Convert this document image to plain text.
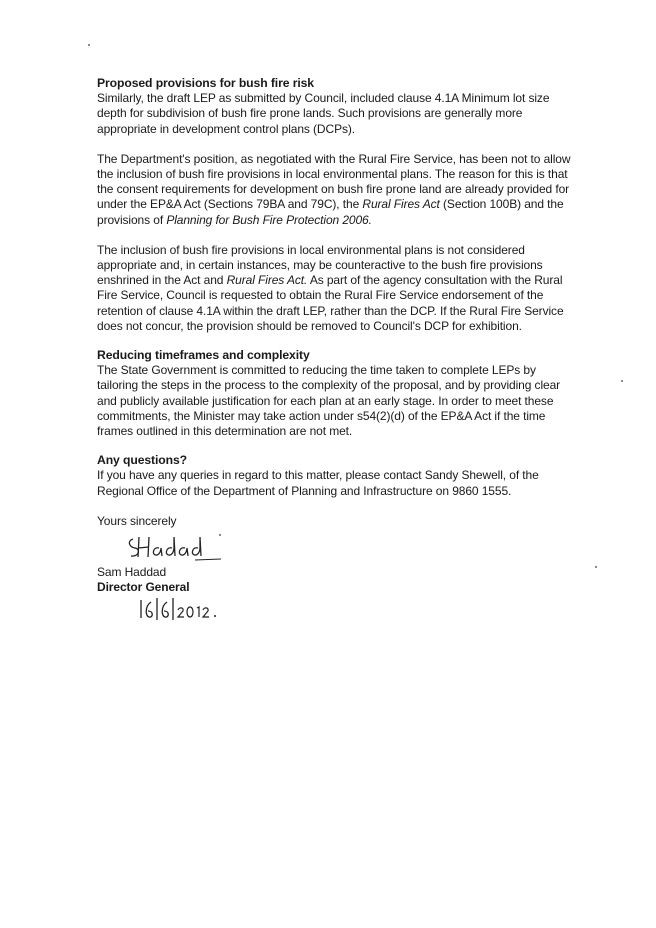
Proposed provisions for bush fire risk

Similarly, the draft LEP as submitted by Council, included clause 4.1A Minimum lot size depth for subdivision of bush fire prone lands. Such provisions are generally more appropriate in development control plans (DCPs).

The Department's position, as negotiated with the Rural Fire Service, has been not to allow the inclusion of bush fire provisions in local environmental plans. The reason for this is that the consent requirements for development on bush fire prone land are already provided for under the EP&A Act (Sections 79BA and 79C), the Rural Fires Act (Section 100B) and the provisions of Planning for Bush Fire Protection 2006.

The inclusion of bush fire provisions in local environmental plans is not considered appropriate and, in certain instances, may be counteractive to the bush fire provisions enshrined in the Act and Rural Fires Act. As part of the agency consultation with the Rural Fire Service, Council is requested to obtain the Rural Fire Service endorsement of the retention of clause 4.1A within the draft LEP, rather than the DCP. If the Rural Fire Service does not concur, the provision should be removed to Council's DCP for exhibition.

Reducing timeframes and complexity

The State Government is committed to reducing the time taken to complete LEPs by tailoring the steps in the process to the complexity of the proposal, and by providing clear and publicly available justification for each plan at an early stage. In order to meet these commitments, the Minister may take action under s54(2)(d) of the EP&A Act if the time frames outlined in this determination are not met.

Any questions?

If you have any queries in regard to this matter, please contact Sandy Shewell, of the Regional Office of the Department of Planning and Infrastructure on 9860 1555.

Yours sincerely

Sam Haddad
Director General
